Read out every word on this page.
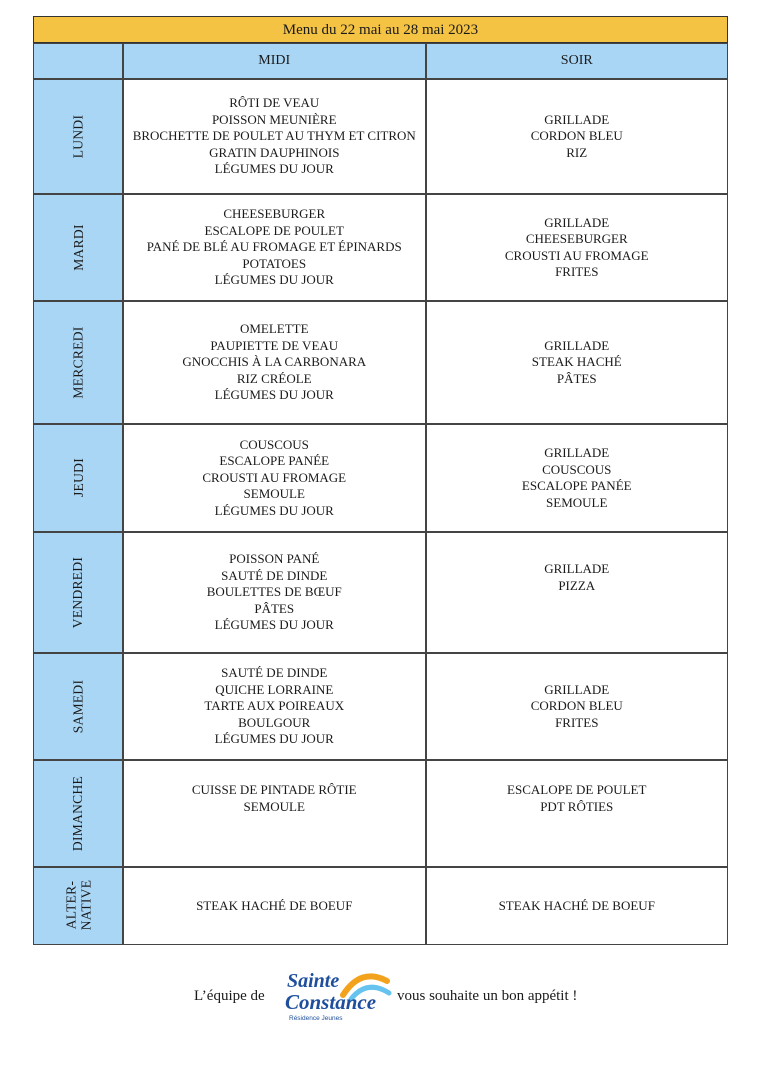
Menu du 22 mai au 28 mai 2023
	MIDI	SOIR
LUNDI	RÔTI DE VEAU
POISSON MEUNIÈRE
BROCHETTE DE POULET AU THYM ET CITRON
GRATIN DAUPHINOIS
LÉGUMES DU JOUR	GRILLADE
CORDON BLEU
RIZ

MARDI	CHEESEBURGER
ESCALOPE DE POULET
PANÉ DE BLÉ AU FROMAGE ET ÉPINARDS
POTATOES
LÉGUMES DU JOUR	GRILLADE
CHEESEBURGER
CROUSTI AU FROMAGE
FRITES

MERCREDI	OMELETTE
PAUPIETTE DE VEAU
GNOCCHIS À LA CARBONARA
RIZ CRÉOLE
LÉGUMES DU JOUR	GRILLADE
STEAK HACHÉ
PÂTES

JEUDI	COUSCOUS
ESCALOPE PANÉE
CROUSTI AU FROMAGE
SEMOULE
LÉGUMES DU JOUR	GRILLADE
COUSCOUS
ESCALOPE PANÉE
SEMOULE

VENDREDI	POISSON PANÉ
SAUTÉ DE DINDE
BOULETTES DE BŒUF
PÂTES
LÉGUMES DU JOUR	GRILLADE
PIZZA

SAMEDI	SAUTÉ DE DINDE
QUICHE LORRAINE
TARTE AUX POIREAUX
BOULGOUR
LÉGUMES DU JOUR	GRILLADE
CORDON BLEU
FRITES

DIMANCHE	CUISSE DE PINTADE RÔTIE
SEMOULE	ESCALOPE DE POULET
PDT RÔTIES

ALTER- NATIVE	STEAK HACHÉ DE BOEUF	STEAK HACHÉ DE BOEUF
L’équipe de
Sainte
Constance
Résidence Jeunes
vous souhaite un bon appétit !
